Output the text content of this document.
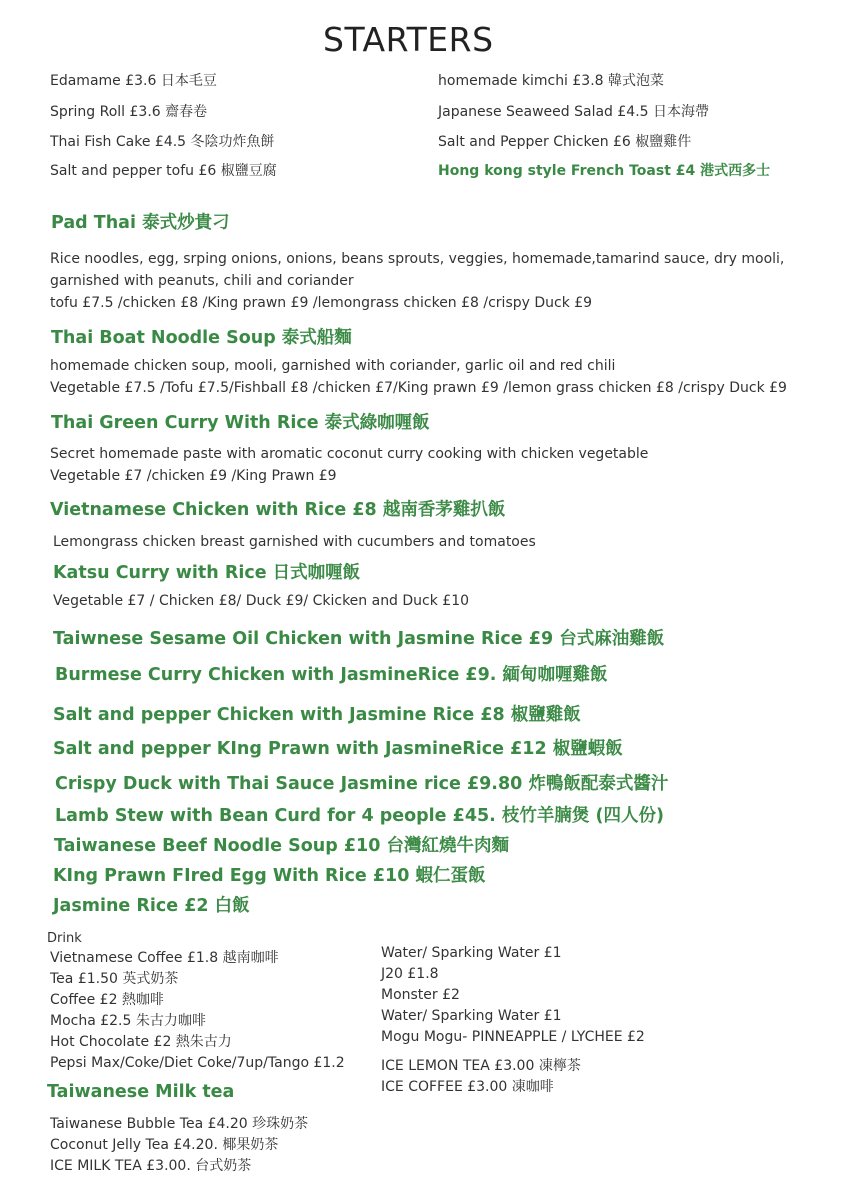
STARTERS
Edamame £3.6 日本毛豆
Spring Roll £3.6 齋春卷
Thai Fish Cake £4.5 冬陰功炸魚餅
Salt and pepper tofu £6 椒鹽豆腐
homemade kimchi £3.8 韓式泡菜
Japanese Seaweed Salad £4.5 日本海帶
Salt and Pepper Chicken £6 椒鹽雞件
Hong kong style French Toast £4 港式西多士
Pad Thai 泰式炒貴刁
Rice noodles, egg, srping onions, onions, beans sprouts, veggies, homemade,tamarind sauce, dry mooli,
garnished with peanuts, chili and coriander
tofu £7.5 /chicken £8 /King prawn £9 /lemongrass chicken £8 /crispy Duck £9
Thai Boat Noodle Soup 泰式船麵
homemade chicken soup, mooli, garnished with coriander, garlic oil and red chili
Vegetable £7.5 /Tofu £7.5/Fishball £8 /chicken £7/King prawn £9 /lemon grass chicken £8 /crispy Duck £9
Thai Green Curry With Rice 泰式綠咖喱飯
Secret homemade paste with aromatic coconut curry cooking with chicken vegetable
Vegetable £7 /chicken £9 /King Prawn £9
Vietnamese Chicken with Rice £8 越南香茅雞扒飯
Lemongrass chicken breast garnished with cucumbers and tomatoes
Katsu Curry with Rice 日式咖喱飯
Vegetable £7 / Chicken £8/ Duck £9/ Ckicken and Duck £10
Taiwnese Sesame Oil Chicken with Jasmine Rice £9 台式麻油雞飯
Burmese Curry Chicken with JasmineRice £9. 緬甸咖喱雞飯
Salt and pepper Chicken with Jasmine Rice £8 椒鹽雞飯
Salt and pepper KIng Prawn with JasmineRice £12 椒鹽蝦飯
Crispy Duck with Thai Sauce Jasmine rice £9.80 炸鴨飯配泰式醬汁
Lamb Stew with Bean Curd for 4 people £45. 枝竹羊腩煲 (四人份)
Taiwanese Beef Noodle Soup £10 台灣紅燒牛肉麵
KIng Prawn FIred Egg With Rice £10 蝦仁蛋飯
Jasmine Rice £2 白飯
Drink
Vietnamese Coffee £1.8 越南咖啡
Tea £1.50 英式奶茶
Coffee £2 熱咖啡
Mocha £2.5 朱古力咖啡
Hot Chocolate £2 熱朱古力
Pepsi Max/Coke/Diet Coke/7up/Tango £1.2
Water/ Sparking Water £1
J20 £1.8
Monster £2
Water/ Sparking Water £1
Mogu Mogu- PINNEAPPLE / LYCHEE £2
ICE LEMON TEA £3.00 凍檸茶
ICE COFFEE £3.00 凍咖啡
Taiwanese Milk tea
Taiwanese Bubble Tea £4.20 珍珠奶茶
Coconut Jelly Tea £4.20. 椰果奶茶
ICE MILK TEA £3.00. 台式奶茶
